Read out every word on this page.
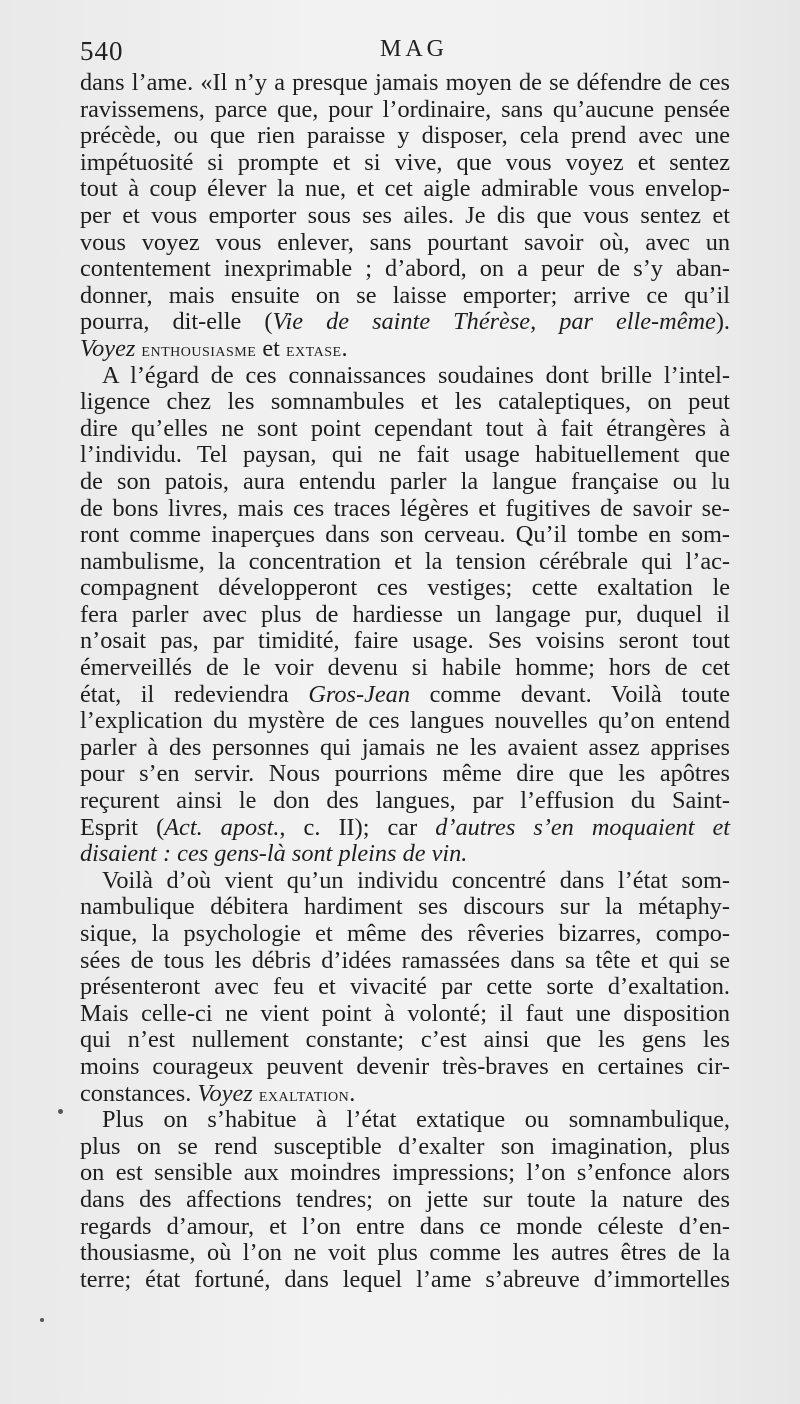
540	MAG
dans l’ame. «Il n’y a presque jamais moyen de se défendre de ces
ravissemens, parce que, pour l’ordinaire, sans qu’aucune pensée
précède, ou que rien paraisse y disposer, cela prend avec une
impétuosité si prompte et si vive, que vous voyez et sentez
tout à coup élever la nue, et cet aigle admirable vous envelop-
per et vous emporter sous ses ailes. Je dis que vous sentez et
vous voyez vous enlever, sans pourtant savoir où, avec un
contentement inexprimable ; d’abord, on a peur de s’y aban-
donner, mais ensuite on se laisse emporter; arrive ce qu’il
pourra, dit-elle (Vie de sainte Thérèse, par elle-même).
Voyez enthousiasme et extase.
A l’égard de ces connaissances soudaines dont brille l’intel-
ligence chez les somnambules et les cataleptiques, on peut
dire qu’elles ne sont point cependant tout à fait étrangères à
l’individu. Tel paysan, qui ne fait usage habituellement que
de son patois, aura entendu parler la langue française ou lu
de bons livres, mais ces traces légères et fugitives de savoir se-
ront comme inaperçues dans son cerveau. Qu’il tombe en som-
nambulisme, la concentration et la tension cérébrale qui l’ac-
compagnent développeront ces vestiges; cette exaltation le
fera parler avec plus de hardiesse un langage pur, duquel il
n’osait pas, par timidité, faire usage. Ses voisins seront tout
émerveillés de le voir devenu si habile homme; hors de cet
état, il redeviendra Gros-Jean comme devant. Voilà toute
l’explication du mystère de ces langues nouvelles qu’on entend
parler à des personnes qui jamais ne les avaient assez apprises
pour s’en servir. Nous pourrions même dire que les apôtres
reçurent ainsi le don des langues, par l’effusion du Saint-
Esprit (Act. apost., c. II); car d’autres s’en moquaient et
disaient : ces gens-là sont pleins de vin.
Voilà d’où vient qu’un individu concentré dans l’état som-
nambulique débitera hardiment ses discours sur la métaphy-
sique, la psychologie et même des rêveries bizarres, compo-
sées de tous les débris d’idées ramassées dans sa tête et qui se
présenteront avec feu et vivacité par cette sorte d’exaltation.
Mais celle-ci ne vient point à volonté; il faut une disposition
qui n’est nullement constante; c’est ainsi que les gens les
moins courageux peuvent devenir très-braves en certaines cir-
constances. Voyez exaltation.
Plus on s’habitue à l’état extatique ou somnambulique,
plus on se rend susceptible d’exalter son imagination, plus
on est sensible aux moindres impressions; l’on s’enfonce alors
dans des affections tendres; on jette sur toute la nature des
regards d’amour, et l’on entre dans ce monde céleste d’en-
thousiasme, où l’on ne voit plus comme les autres êtres de la
terre; état fortuné, dans lequel l’ame s’abreuve d’immortelles
